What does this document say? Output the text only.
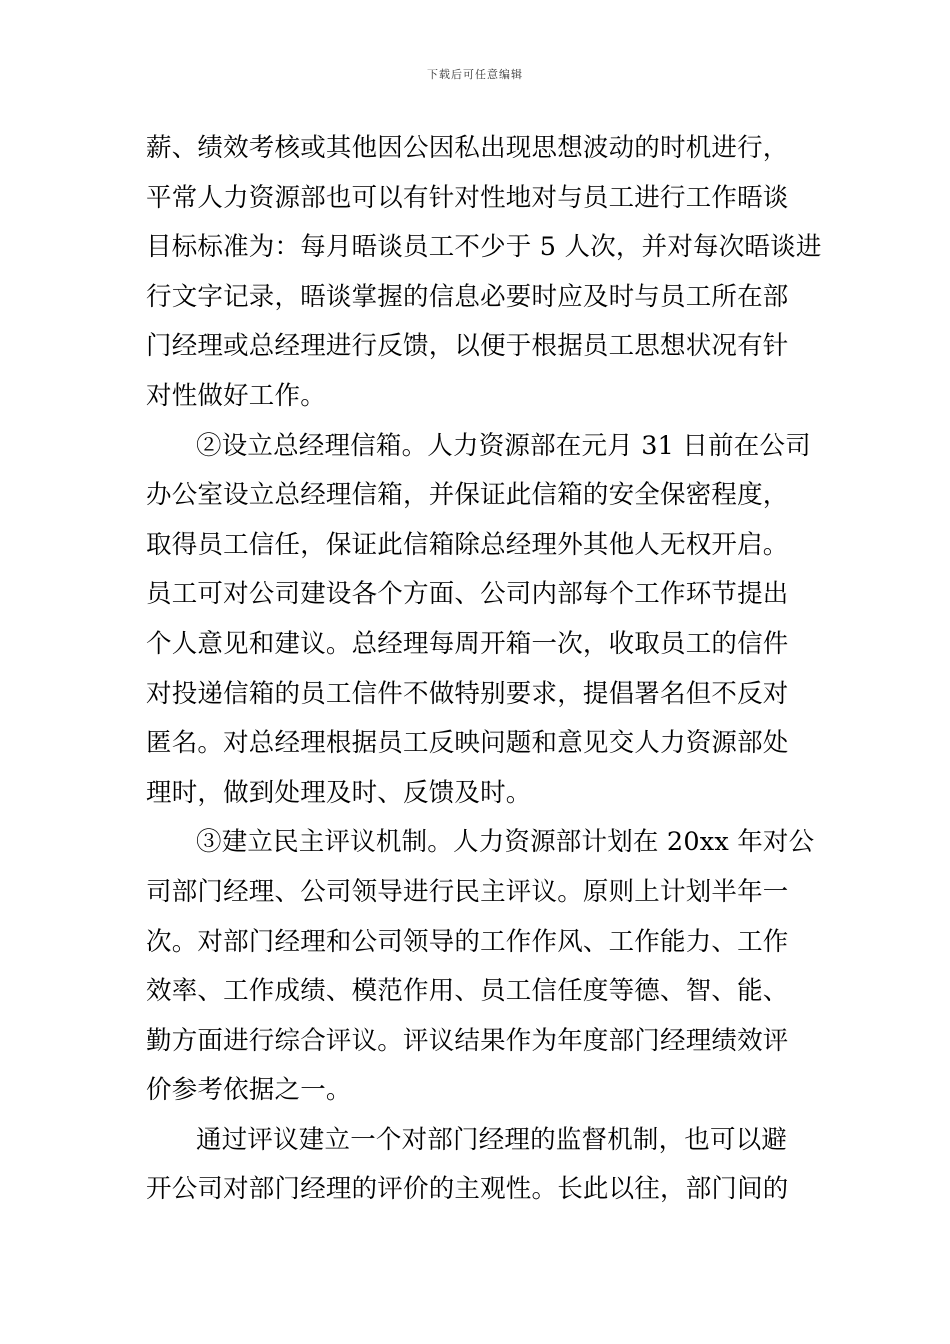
下载后可任意编辑
薪、绩效考核或其他因公因私出现思想波动的时机进行，
平常人力资源部也可以有针对性地对与员工进行工作晤谈
目标标准为：每月晤谈员工不少于 5 人次，并对每次晤谈进
行文字记录，晤谈掌握的信息必要时应及时与员工所在部
门经理或总经理进行反馈，以便于根据员工思想状况有针
对性做好工作。
②设立总经理信箱。人力资源部在元月 31 日前在公司
办公室设立总经理信箱，并保证此信箱的安全保密程度，
取得员工信任，保证此信箱除总经理外其他人无权开启。
员工可对公司建设各个方面、公司内部每个工作环节提出
个人意见和建议。总经理每周开箱一次，收取员工的信件
对投递信箱的员工信件不做特别要求，提倡署名但不反对
匿名。对总经理根据员工反映问题和意见交人力资源部处
理时，做到处理及时、反馈及时。
③建立民主评议机制。人力资源部计划在 20xx 年对公
司部门经理、公司领导进行民主评议。原则上计划半年一
次。对部门经理和公司领导的工作作风、工作能力、工作
效率、工作成绩、模范作用、员工信任度等德、智、能、
勤方面进行综合评议。评议结果作为年度部门经理绩效评
价参考依据之一。
通过评议建立一个对部门经理的监督机制，也可以避
开公司对部门经理的评价的主观性。长此以往，部门间的
